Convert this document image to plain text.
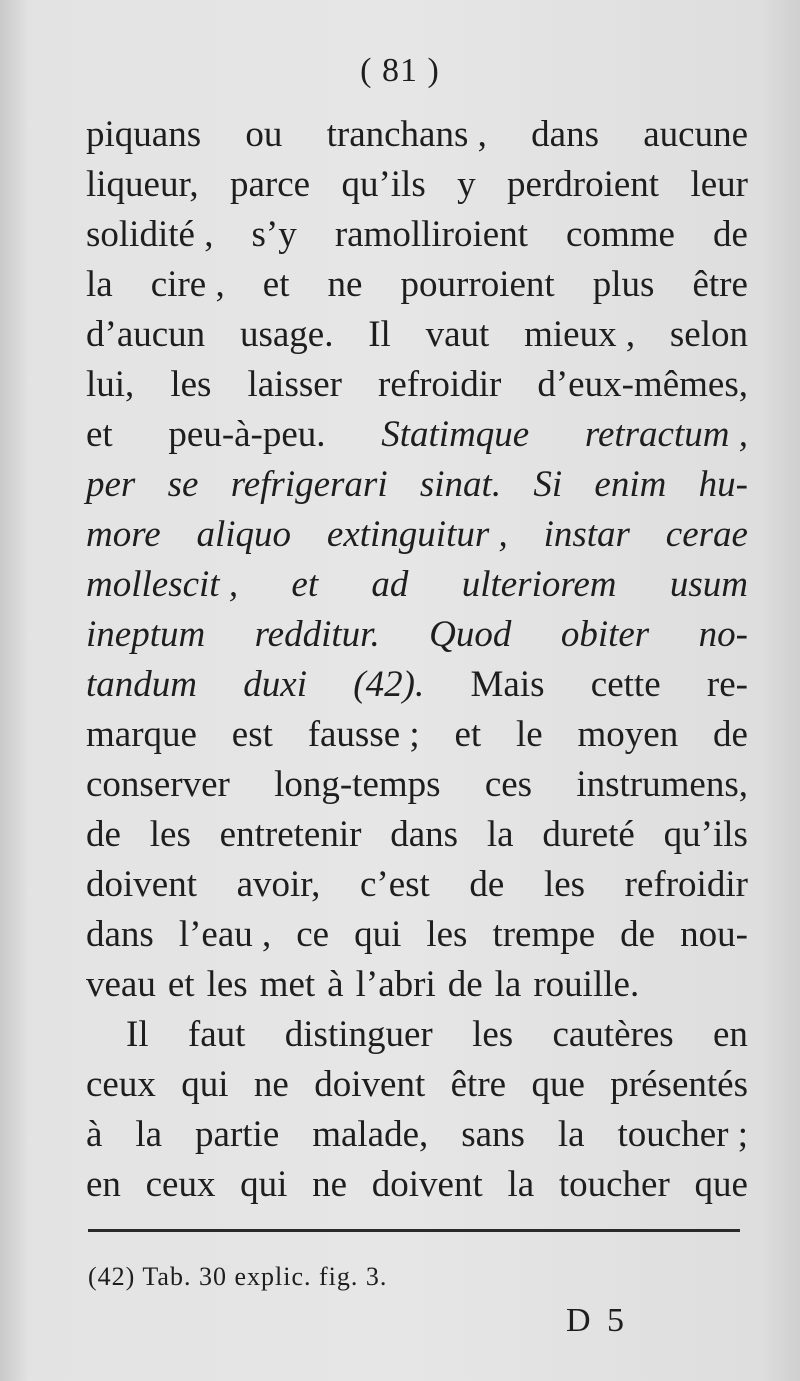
( 81 )
piquans ou tranchans , dans aucune
liqueur, parce qu’ils y perdroient leur
solidité , s’y ramolliroient comme de
la cire , et ne pourroient plus être
d’aucun usage. Il vaut mieux , selon
lui, les laisser refroidir d’eux-mêmes,
et peu-à-peu. Statimque retractum ,
per se refrigerari sinat. Si enim hu-
more aliquo extinguitur , instar cerae
mollescit , et ad ulteriorem usum
ineptum redditur. Quod obiter no-
tandum duxi (42). Mais cette re-
marque est fausse ; et le moyen de
conserver long-temps ces instrumens,
de les entretenir dans la dureté qu’ils
doivent avoir, c’est de les refroidir
dans l’eau , ce qui les trempe de nou-
veau et les met à l’abri de la rouille.
Il faut distinguer les cautères en
ceux qui ne doivent être que présentés
à la partie malade, sans la toucher ;
en ceux qui ne doivent la toucher que
(42) Tab. 30 explic. fig. 3.
D 5
